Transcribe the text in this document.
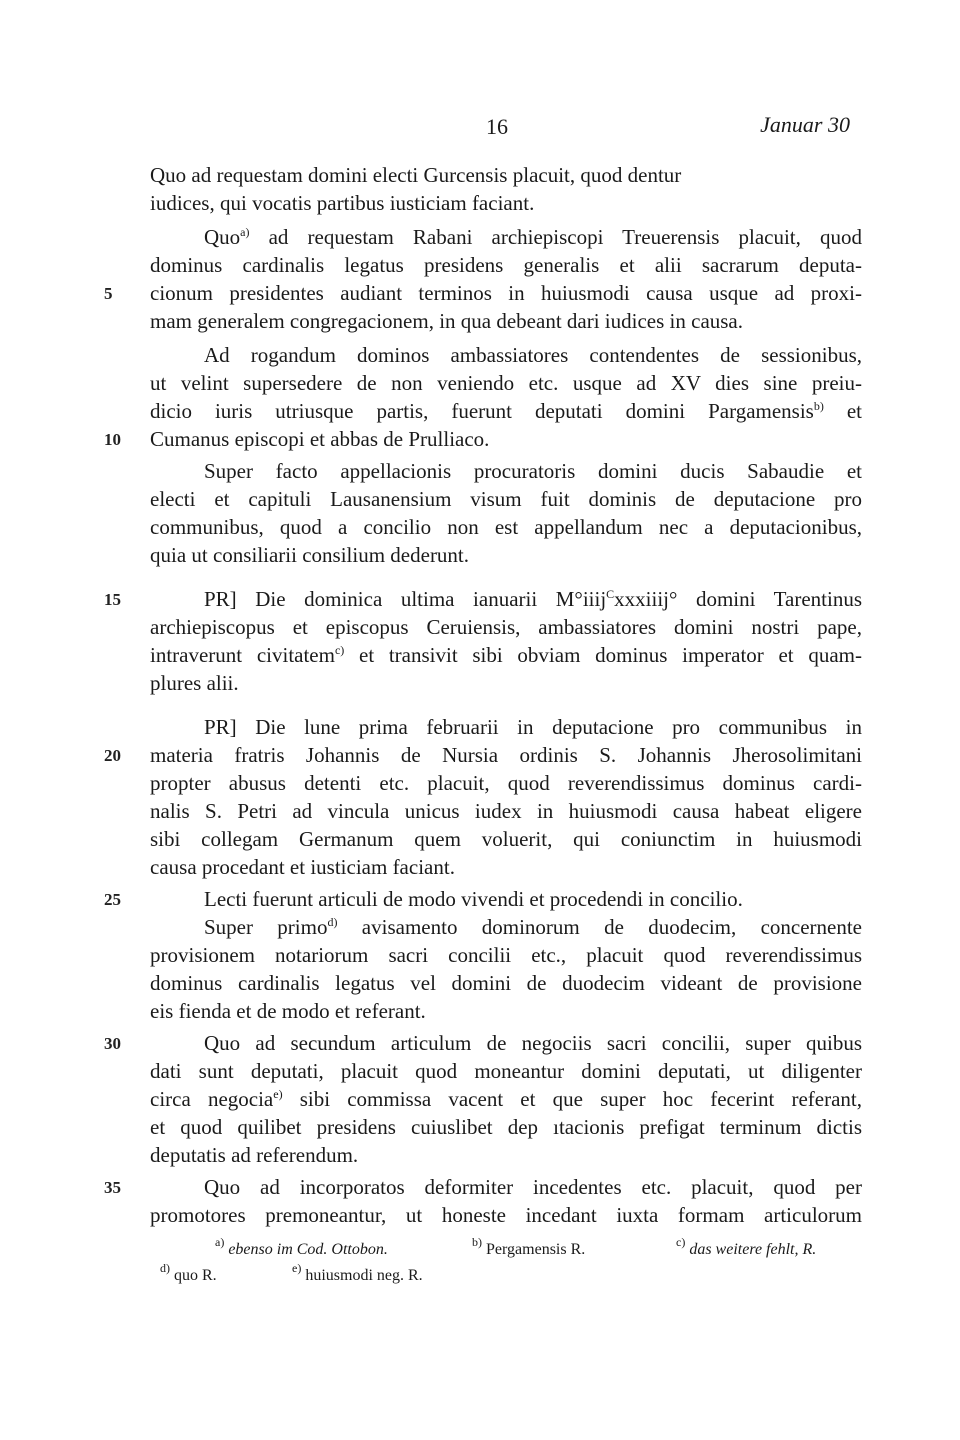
16	Januar 30
Quo ad requestam domini electi Gurcensis placuit, quod dentur
iudices, qui vocatis partibus iusticiam faciant.
Quo$^{a)}$ ad requestam Rabani archiepiscopi Treuerensis placuit, quod
dominus cardinalis legatus presidens generalis et alii sacrarum deputa-
5	cionum presidentes audiant terminos in huiusmodi causa usque ad proxi-
mam generalem congregacionem, in qua debeant dari iudices in causa.
Ad rogandum dominos ambassiatores contendentes de sessionibus,
ut velint supersedere de non veniendo etc. usque ad XV dies sine preiu-
dicio iuris utriusque partis, fuerunt deputati domini Pargamensis$^{b)}$ et
10	Cumanus episcopi et abbas de Prulliaco.
Super facto appellacionis procuratoris domini ducis Sabaudie et
electi et capituli Lausanensium visum fuit dominis de deputacione pro
communibus, quod a concilio non est appellandum nec a deputacionibus,
quia ut consiliarii consilium dederunt.
15	PR] Die dominica ultima ianuarii M°iiij$^C$xxxiiij° domini Tarentinus
archiepiscopus et episcopus Ceruiensis, ambassiatores domini nostri pape,
intraverunt civitatem$^{c)}$ et transivit sibi obviam dominus imperator et quam-
plures alii.
PR] Die lune prima februarii in deputacione pro communibus in
20	materia fratris Johannis de Nursia ordinis S. Johannis Jherosolimitani
propter abusus detenti etc. placuit, quod reverendissimus dominus cardi-
nalis S. Petri ad vincula unicus iudex in huiusmodi causa habeat eligere
sibi collegam Germanum quem voluerit, qui coniunctim in huiusmodi
causa procedant et iusticiam faciant.
25	Lecti fuerunt articuli de modo vivendi et procedendi in concilio.
Super primo$^{d)}$ avisamento dominorum de duodecim, concernente
provisionem notariorum sacri concilii etc., placuit quod reverendissimus
dominus cardinalis legatus vel domini de duodecim videant de provisione
eis fienda et de modo et referant.
30	Quo ad secundum articulum de negociis sacri concilii, super quibus
dati sunt deputati, placuit quod moneantur domini deputati, ut diligenter
circa negocia$^{e)}$ sibi commissa vacent et que super hoc fecerint referant,
et quod quilibet presidens cuiuslibet dep ıtacionis prefigat terminum dictis
deputatis ad referendum.
35	Quo ad incorporatos deformiter incedentes etc. placuit, quod per
promotores premoneantur, ut honeste incedant iuxta formam articulorum
$^{a)}$ ebenso im Cod. Ottobon.	$^{b)}$ Pergamensis R.	$^{c)}$ das weitere fehlt, R.
$^{d)}$ quo R.	$^{e)}$ huiusmodi neg. R.
